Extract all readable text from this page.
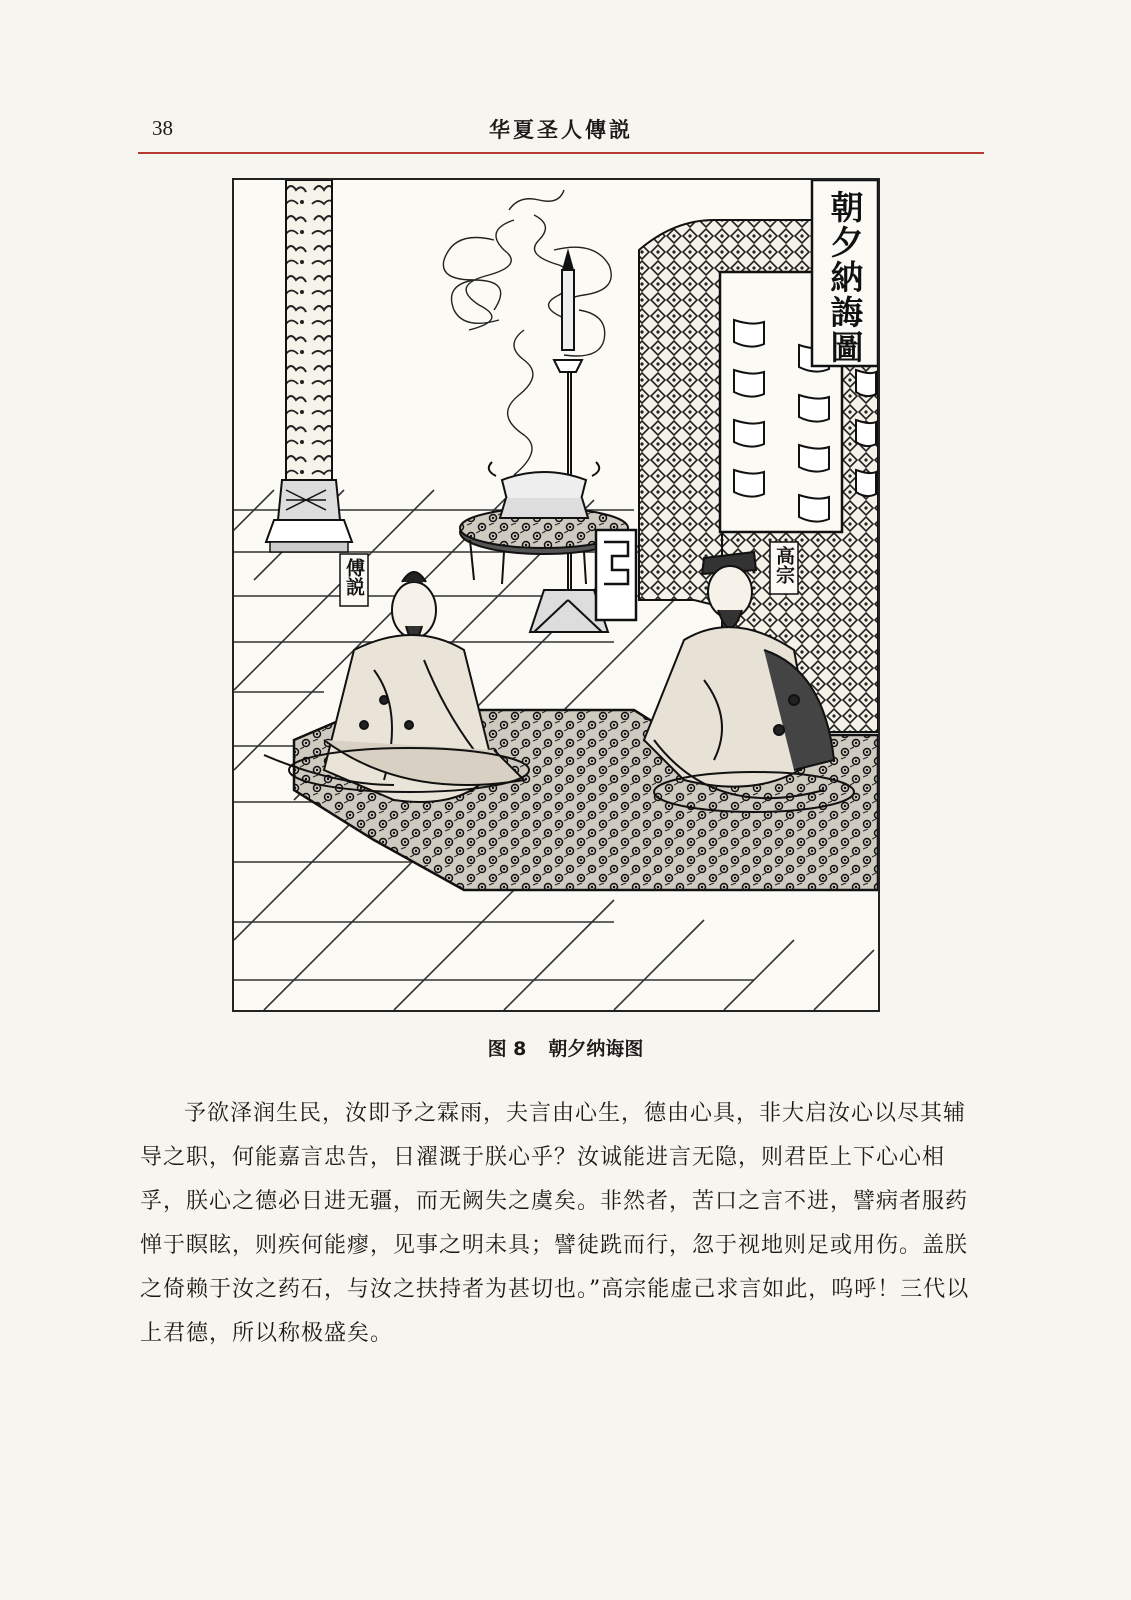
38	华夏圣人傳説
朝夕納誨圖
傅説	高宗
图 8 朝夕纳诲图

予欲泽润生民，汝即予之霖雨，夫言由心生，德由心具，非大启汝心以尽其辅导之职，何能嘉言忠告，日濯溉于朕心乎？汝诚能进言无隐，则君臣上下心心相孚，朕心之德必日进无疆，而无阙失之虞矣。非然者，苦口之言不进，譬病者服药惮于瞑眩，则疾何能瘳，见事之明未具；譬徒跣而行，忽于视地则足或用伤。盖朕之倚赖于汝之药石，与汝之扶持者为甚切也。”高宗能虚己求言如此，呜呼！三代以上君德，所以称极盛矣。
